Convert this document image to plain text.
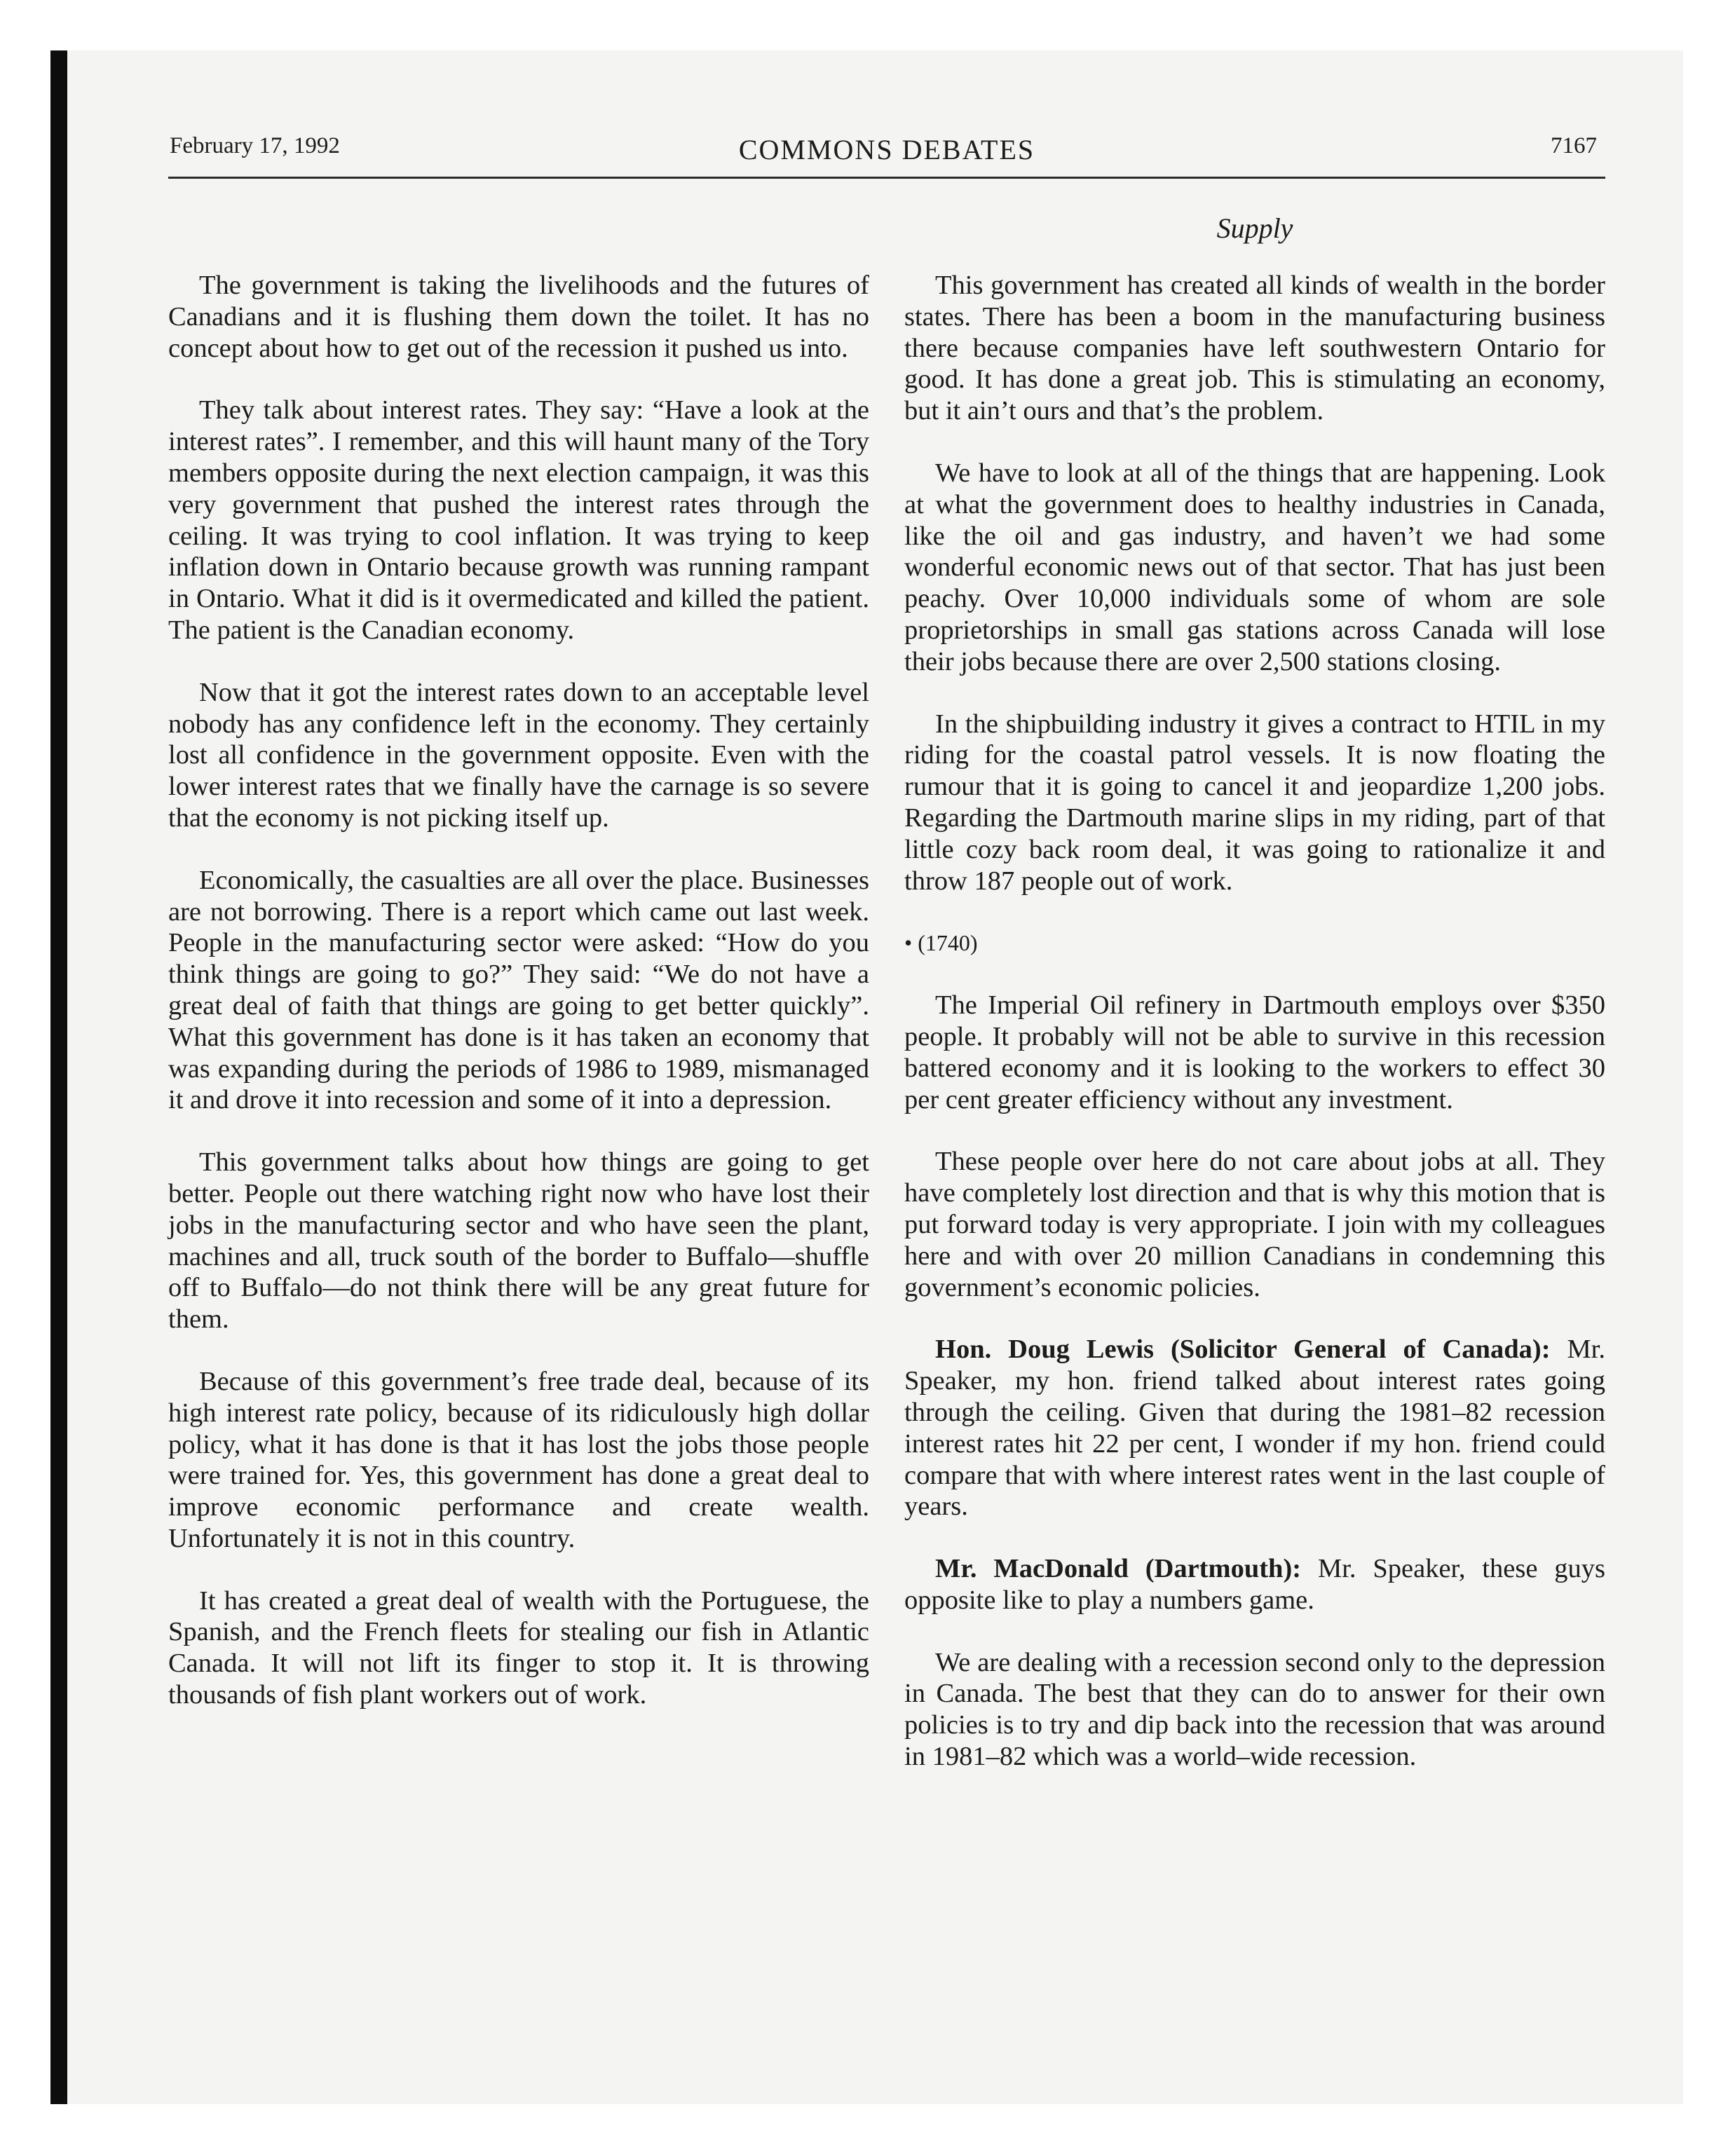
February 17, 1992	COMMONS DEBATES	7167
Supply

The government is taking the livelihoods and the futures of Canadians and it is flushing them down the toilet. It has no concept about how to get out of the recession it pushed us into.

They talk about interest rates. They say: “Have a look at the interest rates”. I remember, and this will haunt many of the Tory members opposite during the next election campaign, it was this very government that pushed the interest rates through the ceiling. It was trying to cool inflation. It was trying to keep inflation down in Ontario because growth was running rampant in Ontario. What it did is it overmedicated and killed the patient. The patient is the Canadian economy.

Now that it got the interest rates down to an acceptable level nobody has any confidence left in the economy. They certainly lost all confidence in the government opposite. Even with the lower interest rates that we finally have the carnage is so severe that the economy is not picking itself up.

Economically, the casualties are all over the place. Businesses are not borrowing. There is a report which came out last week. People in the manufacturing sector were asked: “How do you think things are going to go?” They said: “We do not have a great deal of faith that things are going to get better quickly”. What this government has done is it has taken an economy that was expanding during the periods of 1986 to 1989, mismanaged it and drove it into recession and some of it into a depression.

This government talks about how things are going to get better. People out there watching right now who have lost their jobs in the manufacturing sector and who have seen the plant, machines and all, truck south of the border to Buffalo—shuffle off to Buffalo—do not think there will be any great future for them.

Because of this government’s free trade deal, because of its high interest rate policy, because of its ridiculously high dollar policy, what it has done is that it has lost the jobs those people were trained for. Yes, this government has done a great deal to improve economic performance and create wealth. Unfortunately it is not in this country.

It has created a great deal of wealth with the Portuguese, the Spanish, and the French fleets for stealing our fish in Atlantic Canada. It will not lift its finger to stop it. It is throwing thousands of fish plant workers out of work.

This government has created all kinds of wealth in the border states. There has been a boom in the manufacturing business there because companies have left southwestern Ontario for good. It has done a great job. This is stimulating an economy, but it ain’t ours and that’s the problem.

We have to look at all of the things that are happening. Look at what the government does to healthy industries in Canada, like the oil and gas industry, and haven’t we had some wonderful economic news out of that sector. That has just been peachy. Over 10,000 individuals some of whom are sole proprietorships in small gas stations across Canada will lose their jobs because there are over 2,500 stations closing.

In the shipbuilding industry it gives a contract to HTIL in my riding for the coastal patrol vessels. It is now floating the rumour that it is going to cancel it and jeopardize 1,200 jobs. Regarding the Dartmouth marine slips in my riding, part of that little cozy back room deal, it was going to rationalize it and throw 187 people out of work.

• (1740)

The Imperial Oil refinery in Dartmouth employs over $350 people. It probably will not be able to survive in this recession battered economy and it is looking to the workers to effect 30 per cent greater efficiency without any investment.

These people over here do not care about jobs at all. They have completely lost direction and that is why this motion that is put forward today is very appropriate. I join with my colleagues here and with over 20 million Canadians in condemning this government’s economic policies.

Hon. Doug Lewis (Solicitor General of Canada): Mr. Speaker, my hon. friend talked about interest rates going through the ceiling. Given that during the 1981–82 recession interest rates hit 22 per cent, I wonder if my hon. friend could compare that with where interest rates went in the last couple of years.

Mr. MacDonald (Dartmouth): Mr. Speaker, these guys opposite like to play a numbers game.

We are dealing with a recession second only to the depression in Canada. The best that they can do to answer for their own policies is to try and dip back into the recession that was around in 1981–82 which was a world–wide recession.
